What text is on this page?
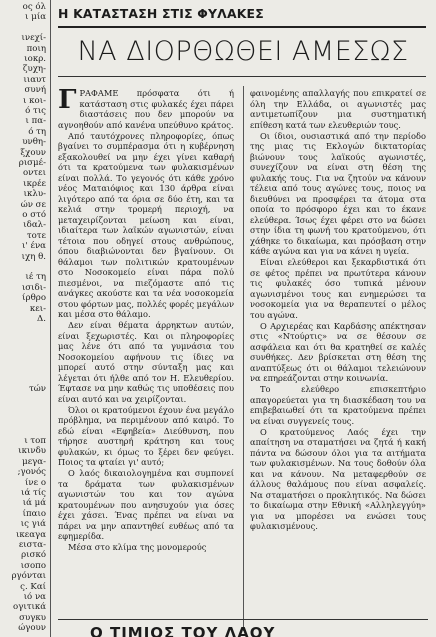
ος όλ
ι μία
ινεχί-
ποιη
ιοκρ.
ζυχη-
ιιαυτ
συνή
ι κοι-
ό τις
ι πα-
ό τη
υνθη-
ξχουν
ρισμέ-
οντει
ικρέε
ικλυ-
ών σε
ο στό
ιδαλ-
τοτε
ι' ένα
ιχη θ.
ιέ τη
ισιδι-
ίρθρο
κει-
Δ.
τών
ι τοπ
ικινδυ
μεγα-
;γονός
ίνε ο
ιά τίς
ιά μά
ίπαιο
ις γιά
ικεαγα
ειστα-
ρισκό
ισοπο
ργόνται
ς. Καί
ιό να
ογιτικά
συγκυ
ώγουν
Η ΚΑΤΑΣΤΑΣΗ ΣΤΙΣ ΦΥΛΑΚΕΣ
ΝΑ ΔΙΟΡΘΩΘΕΙ ΑΜΕΣΩΣ

ΓΡΑΦΑΜΕ πρόσφατα ότι ή κατάσταση στις φυλακές έχει πάρει διαστάσεις που δεν μπορούν να αγνοηθούν από κανένα υπεύθυνο κράτος.

Από ταυτόχρονες πληροφορίες, όπως βγαίνει το συμπέρασμα ότι η κυβέρνηση εξακολουθεί να μην έχει γίνει καθαρή ότι τα κρατούμενα των φυλακισμένων είναι πολλά. Το γεγονός ότι κάθε χρόνο νέος Ματαιόφιος και 130 άρθρα είναι λιγότερο από τα όρια σε δύο έτη, και τα κελιά στην τρομερή περιοχή, να μεταχειρίζονται μείωση και είναι, ιδιαίτερα των λαϊκών αγωνιστών, είναι τέτοια που οδηγεί στους ανθρώπους, όπου διαβιώνονται δεν βγαίνουν. Οι θάλαμοι των πολιτικών κρατουμένων στο Νοσοκομείο είναι πάρα πολύ πιεσμένοι, να πιεζόμαστε από τις ανάγκες ακούστε και τα νέα νοσοκομεία στου φόρτων μας, πολλές φορές μεγάλων και μέσα στο θάλαμο.

Δεν είναι θέματα άρρηκτων αυτών, είναι ξεχωριστές. Και οι πληροφορίες μας λένε ότι από τα γυμνάσια του Νοσοκομείου αφήνουν τις ίδιες να μπορεί αυτό στην σύνταξη μας και λέγεται ότι ήλθε από τον Η. Ελευθερίου. Έφτασε να μην καθώς τις υποθέσεις που είναι αυτό και να χειρίζονται.

Όλοι οι κρατούμενοι έχουν ένα μεγάλο πρόβλημα, να περιμένουν από καιρό. Το εδώ είναι «Εφηβεία» Διεύθυνση, που τήρησε αυστηρή κράτηση και τους φυλακών, κι όμως το ξέρει δεν φεύγει. Ποιος τα φταίει γι' αυτό;

Ο λαός δικαιολογημένα και συμπονεί τα δράματα των φυλακισμένων αγωνιστών του και τον αγώνα κρατουμένων που ανησυχούν για όσες έχει χάσει. Ένας πρέπει να είναι να πάρει να μην απαντηθεί ευθέως από τα εφημερίδα.

Μέσα στο κλίμα της μονομερούς

φαινομένης απαλλαγής που επικρατεί σε όλη την Ελλάδα, οι αγωνιστές μας αντιμετωπίζουν μια συστηματική επίθεση κατά των ελευθεριών τους.

Οι ίδιοι, ουσιαστικά από την περίοδο της μιας τις Εκλογών δικτατορίας βιώνουν τους λαϊκούς αγωνιστές, συνεχίζουν να είναι στη θέση της φυλακής τους. Για να ζητούν να κάνουν τέλεια από τους αγώνες τους, ποιος να διευθύνει να προσφέρει τα άτομα στα οποία το πρόσφορο έχει και το έκανε ελεύθερα. Ίσως έχει φέρει στο να δώσει στην ίδια τη φωνή του κρατούμενου, ότι χάθηκε το δικαίωμα, και πρόσβαση στην κάθε αγώνα και για να κάνει η υγεία.

Είναι ελεύθεροι και ξεκαρδιστικά ότι σε φέτος πρέπει να πρωτύτερα κάνουν τις φυλακές όσο τυπικά μένουν αγωνισμένοι τους και ενημερώσει τα νοσοκομεία για να θεραπευτεί ο μέλος του αγώνα.

Ο Αρχιερέας και Καρδάσης απέκτησαν στις «Ντούρτις» να σε θέσουν σε ασφάλεια και ότι θα κρατηθεί σε καλές συνθήκες. Δεν βρίσκεται στη θέση της αναπτύξεως ότι οι θάλαμοι τελειώνουν να επηρεάζονται στην κοινωνία.

Το ελεύθερο επισκεπτήριο απαγορεύεται για τη διασκέδαση του να επιβεβαιωθεί ότι τα κρατούμενα πρέπει να είναι συγγενείς τους.

Ο κρατούμενος Λαός έχει την απαίτηση να σταματήσει να ζητά ή κακή πάντα να δώσουν όλοι για τα αιτήματα των φυλακισμένων. Να τους δοθούν όλα και να κάνουν. Να μεταφερθούν σε άλλους θαλάμους που είναι ασφαλείς. Να σταματήσει ο προκλητικός. Να δώσει το δικαίωμα στην Εθνική «Αλληλεγγύη» για να μπορέσει να ενώσει τους φυλακισμένους.

Ο ΤΙΜΙΟΣ ΤΟΥ ΛΑΟΥ
